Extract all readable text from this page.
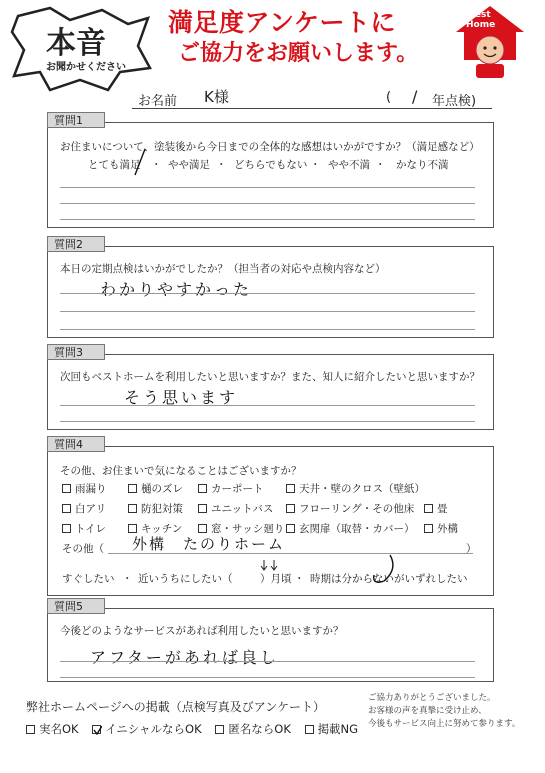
本音
お聞かせください
満足度アンケートに
ご協力をお願いします。
Best
Home
お名前 K様	( / 年点検)
質問1
お住まいについて、塗装後から今日までの全体的な感想はいかがですか？（満足感など）
とても満足 ・ やや満足 ・ どちらでもない ・ やや不満 ・ かなり不満
質問2
本日の定期点検はいかがでしたか？（担当者の対応や点検内容など）
わかりやすかった
質問3
次回もベストホームを利用したいと思いますか？また、知人に紹介したいと思いますか？
そう思います
質問4
その他、お住まいで気になることはございますか？
雨漏り	樋のズレ	カーポート	天井・壁のクロス（壁紙）
白アリ	防犯対策	ユニットバス	フローリング・その他床	畳
トイレ	キッチン	窓・サッシ廻り	玄関扉（取替・カバー）	外構
その他（ 外構　たのりホーム	）
すぐしたい ・ 近いうちにしたい（	）月頃 ・ 時期は分からないがいずれしたい
質問5
今後どのようなサービスがあれば利用したいと思いますか？
アフターがあれば良し
弊社ホームページへの掲載（点検写真及びアンケート）
実名OK イニシャルならOK 匿名ならOK 掲載NG
ご協力ありがとうございました。
お客様の声を真摯に受け止め、
今後もサービス向上に努めて参ります。
